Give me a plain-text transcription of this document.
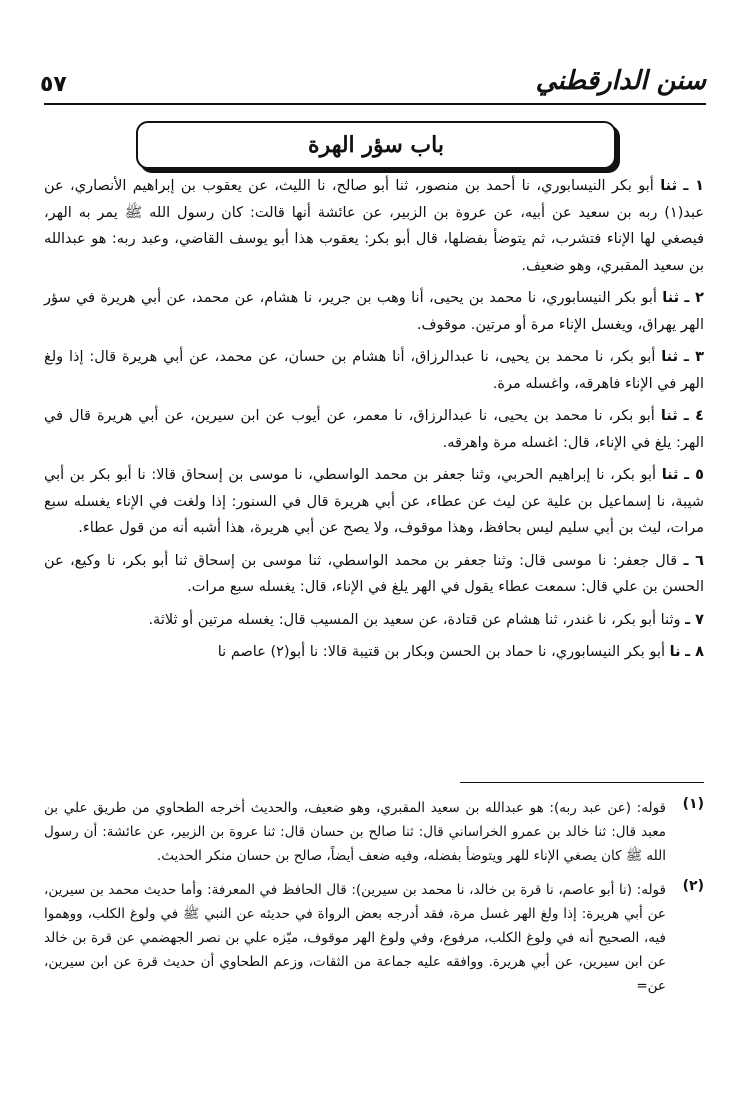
سنن الدارقطني
٥٧
باب سؤر الهرة

١ ـ ثنا أبو بكر النيسابوري، نا أحمد بن منصور، ثنا أبو صالح، نا الليث، عن يعقوب بن إبراهيم الأنصاري، عن عبد(١) ربه بن سعيد عن أبيه، عن عروة بن الزبير، عن عائشة أنها قالت: كان رسول الله ﷺ يمر به الهر، فيصغي لها الإناء فتشرب، ثم يتوضأ بفضلها، قال أبو بكر: يعقوب هذا أبو يوسف القاضي، وعبد ربه: هو عبدالله بن سعيد المقبري، وهو ضعيف.

٢ ـ ثنا أبو بكر النيسابوري، نا محمد بن يحيى، أنا وهب بن جرير، نا هشام، عن محمد، عن أبي هريرة في سؤر الهر يهراق، ويغسل الإناء مرة أو مرتين. موقوف.

٣ ـ ثنا أبو بكر، نا محمد بن يحيى، نا عبدالرزاق، أنا هشام بن حسان، عن محمد، عن أبي هريرة قال: إذا ولغ الهر في الإناء فاهرقه، واغسله مرة.

٤ ـ ثنا أبو بكر، نا محمد بن يحيى، نا عبدالرزاق، نا معمر، عن أيوب عن ابن سيرين، عن أبي هريرة قال في الهر: يلغ في الإناء، قال: اغسله مرة واهرقه.

٥ ـ ثنا أبو بكر، نا إبراهيم الحربي، وثنا جعفر بن محمد الواسطي، نا موسى بن إسحاق قالا: نا أبو بكر بن أبي شيبة، نا إسماعيل بن علية عن ليث عن عطاء، عن أبي هريرة قال في السنور: إذا ولغت في الإناء يغسله سبع مرات، ليث بن أبي سليم ليس بحافظ، وهذا موقوف، ولا يصح عن أبي هريرة، هذا أشبه أنه من قول عطاء.

٦ ـ قال جعفر: نا موسى قال: وثنا جعفر بن محمد الواسطي، ثنا موسى بن إسحاق ثنا أبو بكر، نا وكيع، عن الحسن بن علي قال: سمعت عطاء يقول في الهر يلغ في الإناء، قال: يغسله سبع مرات.

٧ ـ وثنا أبو بكر، نا غندر، ثنا هشام عن قتادة، عن سعيد بن المسيب قال: يغسله مرتين أو ثلاثة.

٨ ـ نا أبو بكر النيسابوري، نا حماد بن الحسن وبكار بن قتيبة قالا: نا أبو(٢) عاصم نا

(١)
قوله: (عن عبد ربه): هو عبدالله بن سعيد المقبري، وهو ضعيف، والحديث أخرجه الطحاوي من طريق علي بن معبد قال: ثنا خالد بن عمرو الخراساني قال: ثنا صالح بن حسان قال: ثنا عروة بن الزبير، عن عائشة: أن رسول الله ﷺ كان يصغي الإناء للهر ويتوضأ بفضله، وفيه ضعف أيضاً، صالح بن حسان منكر الحديث.
(٢)
قوله: (نا أبو عاصم، نا قرة بن خالد، نا محمد بن سيرين): قال الحافظ في المعرفة: وأما حديث محمد بن سيرين، عن أبي هريرة: إذا ولغ الهر غسل مرة، فقد أدرجه بعض الرواة في حديثه عن النبي ﷺ في ولوغ الكلب، ووهموا فيه، الصحيح أنه في ولوغ الكلب، مرفوع، وفي ولوغ الهر موقوف، ميّزه علي بن نصر الجهضمي عن قرة بن خالد عن ابن سيرين، عن أبي هريرة. ووافقه عليه جماعة من الثقات، وزعم الطحاوي أن حديث قرة عن ابن سيرين، عن=
